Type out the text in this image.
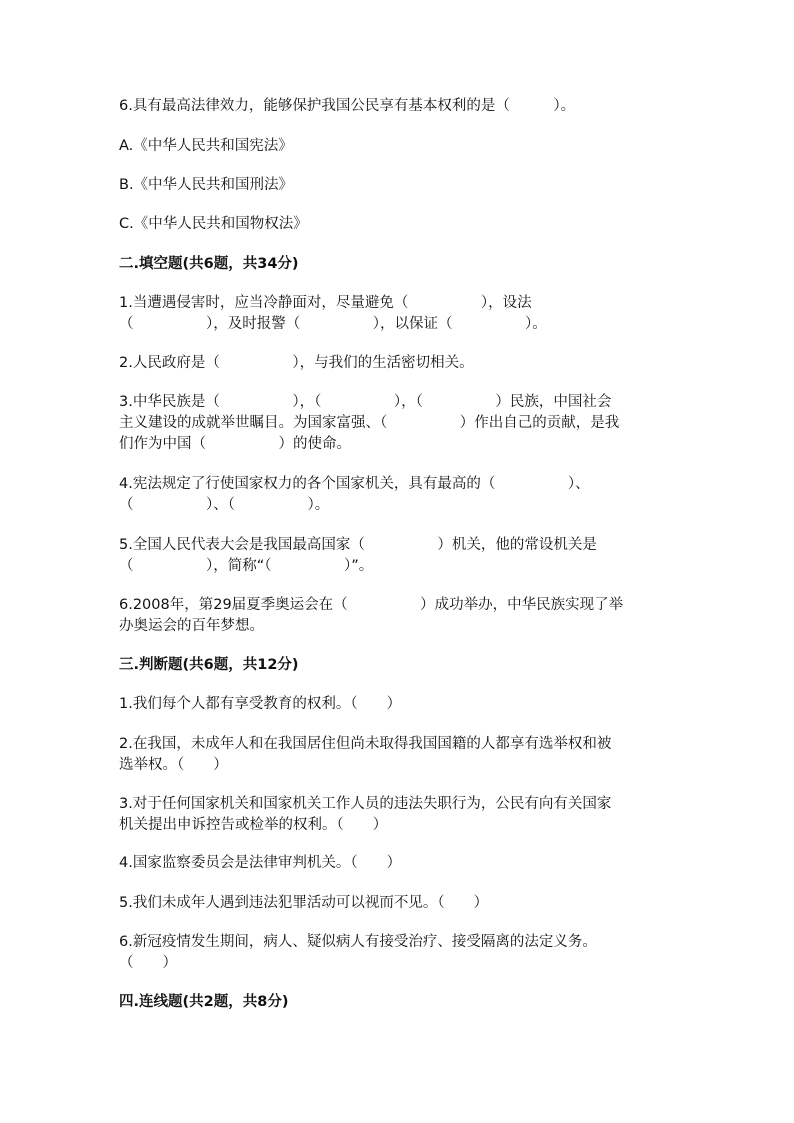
6.具有最高法律效力，能够保护我国公民享有基本权利的是（　　　）。
A.《中华人民共和国宪法》
B.《中华人民共和国刑法》
C.《中华人民共和国物权法》
二.填空题(共6题，共34分)
1.当遭遇侵害时，应当冷静面对，尽量避免（　　　　　），设法
（　　　　　），及时报警（　　　　　），以保证（　　　　　）。
2.人民政府是（　　　　　），与我们的生活密切相关。
3.中华民族是（　　　　　），（　　　　　），（　　　　　）民族，中国社会
主义建设的成就举世瞩目。为国家富强、（　　　　　）作出自己的贡献，是我
们作为中国（　　　　　）的使命。
4.宪法规定了行使国家权力的各个国家机关，具有最高的（　　　　　）、
（　　　　　）、（　　　　　）。
5.全国人民代表大会是我国最高国家（　　　　　）机关，他的常设机关是
（　　　　　），简称“（　　　　　）”。
6.2008年，第29届夏季奥运会在（　　　　　）成功举办，中华民族实现了举
办奥运会的百年梦想。
三.判断题(共6题，共12分)
1.我们每个人都有享受教育的权利。（　　）
2.在我国，未成年人和在我国居住但尚未取得我国国籍的人都享有选举权和被
选举权。（　　）
3.对于任何国家机关和国家机关工作人员的违法失职行为，公民有向有关国家
机关提出申诉控告或检举的权利。（　　）
4.国家监察委员会是法律审判机关。（　　）
5.我们未成年人遇到违法犯罪活动可以视而不见。（　　）
6.新冠疫情发生期间，病人、疑似病人有接受治疗、接受隔离的法定义务。
（　　）
四.连线题(共2题，共8分)
